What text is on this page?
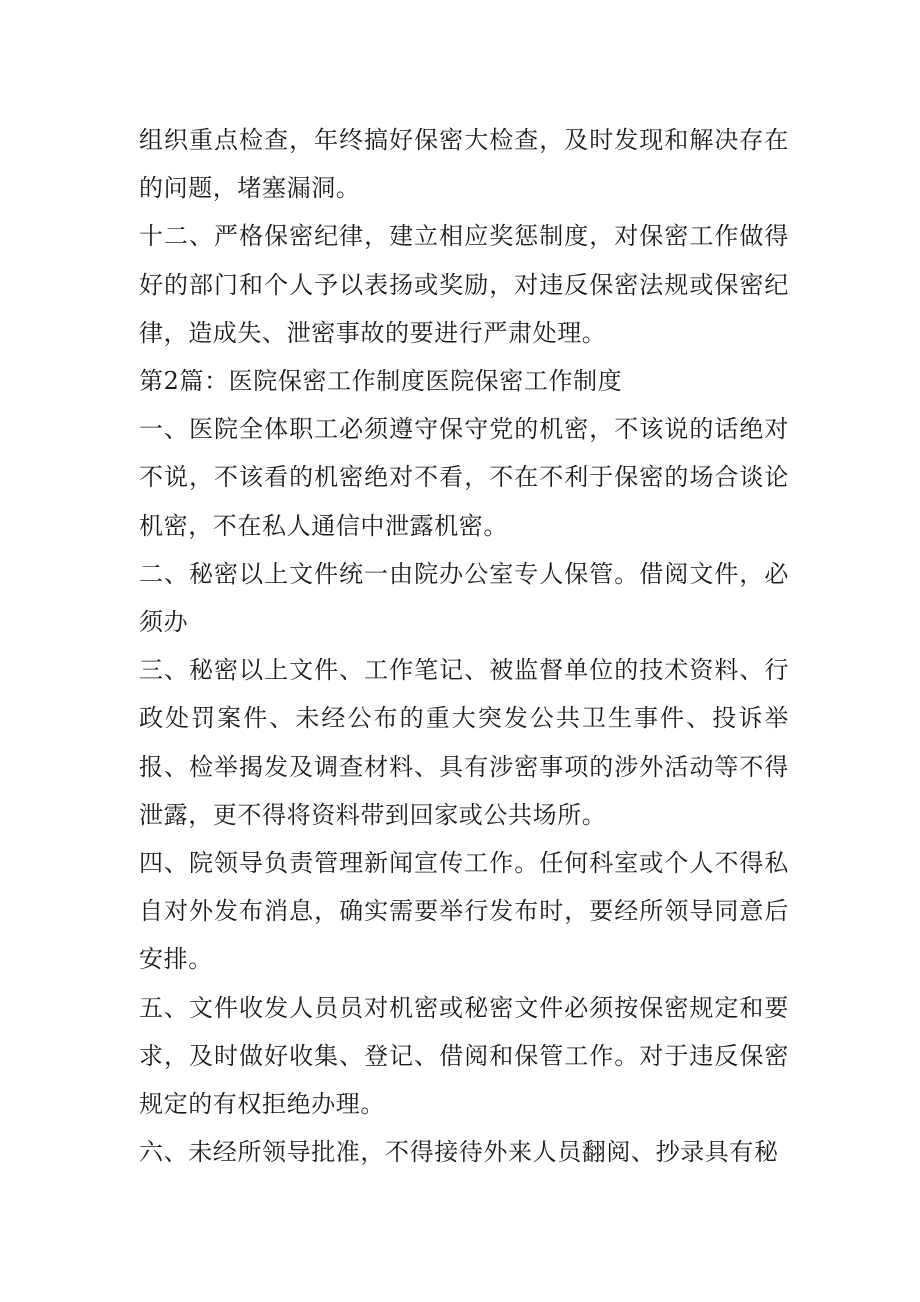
组织重点检查，年终搞好保密大检查，及时发现和解决存在的问题，堵塞漏洞。

十二、严格保密纪律，建立相应奖惩制度，对保密工作做得好的部门和个人予以表扬或奖励，对违反保密法规或保密纪律，造成失、泄密事故的要进行严肃处理。

第2篇：医院保密工作制度医院保密工作制度

一、医院全体职工必须遵守保守党的机密，不该说的话绝对不说，不该看的机密绝对不看，不在不利于保密的场合谈论机密，不在私人通信中泄露机密。

二、秘密以上文件统一由院办公室专人保管。借阅文件，必须办

三、秘密以上文件、工作笔记、被监督单位的技术资料、行政处罚案件、未经公布的重大突发公共卫生事件、投诉举报、检举揭发及调查材料、具有涉密事项的涉外活动等不得泄露，更不得将资料带到回家或公共场所。

四、院领导负责管理新闻宣传工作。任何科室或个人不得私自对外发布消息，确实需要举行发布时，要经所领导同意后安排。

五、文件收发人员员对机密或秘密文件必须按保密规定和要求，及时做好收集、登记、借阅和保管工作。对于违反保密规定的有权拒绝办理。

六、未经所领导批准，不得接待外来人员翻阅、抄录具有秘
